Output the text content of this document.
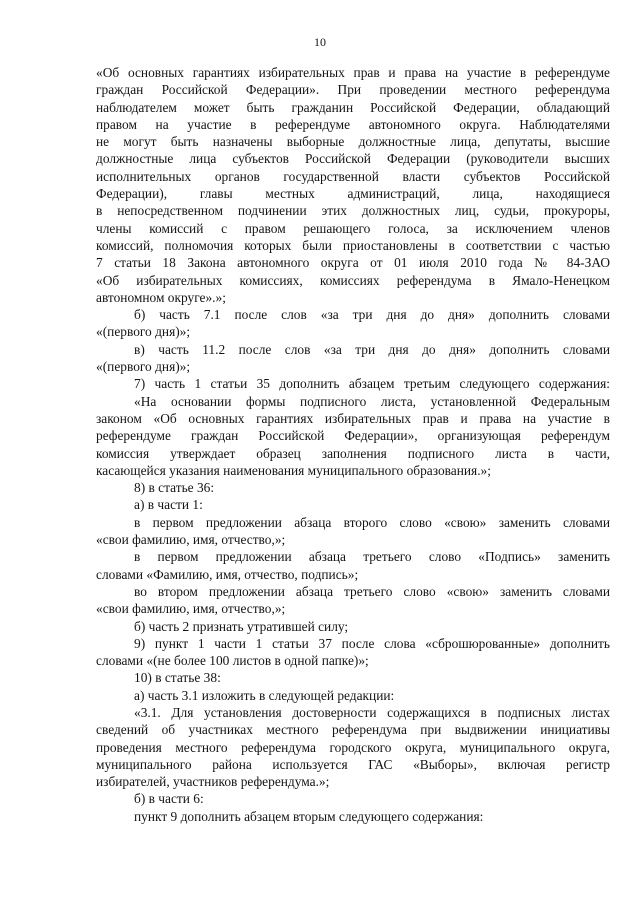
10
«Об основных гарантиях избирательных прав и права на участие в референдуме
граждан Российской Федерации». При проведении местного референдума
наблюдателем может быть гражданин Российской Федерации, обладающий
правом на участие в референдуме автономного округа. Наблюдателями
не могут быть назначены выборные должностные лица, депутаты, высшие
должностные лица субъектов Российской Федерации (руководители высших
исполнительных органов государственной власти субъектов Российской
Федерации), главы местных администраций, лица, находящиеся
в непосредственном подчинении этих должностных лиц, судьи, прокуроры,
члены комиссий с правом решающего голоса, за исключением членов
комиссий, полномочия которых были приостановлены в соответствии с частью
7 статьи 18 Закона автономного округа от 01 июля 2010 года № 84-ЗАО
«Об избирательных комиссиях, комиссиях референдума в Ямало-Ненецком
автономном округе».»;
б) часть 7.1 после слов «за три дня до дня» дополнить словами
«(первого дня)»;
в) часть 11.2 после слов «за три дня до дня» дополнить словами
«(первого дня)»;
7) часть 1 статьи 35 дополнить абзацем третьим следующего содержания:
«На основании формы подписного листа, установленной Федеральным
законом «Об основных гарантиях избирательных прав и права на участие в
референдуме граждан Российской Федерации», организующая референдум
комиссия утверждает образец заполнения подписного листа в части,
касающейся указания наименования муниципального образования.»;
8) в статье 36:
а) в части 1:
в первом предложении абзаца второго слово «свою» заменить словами
«свои фамилию, имя, отчество,»;
в первом предложении абзаца третьего слово «Подпись» заменить
словами «Фамилию, имя, отчество, подпись»;
во втором предложении абзаца третьего слово «свою» заменить словами
«свои фамилию, имя, отчество,»;
б) часть 2 признать утратившей силу;
9) пункт 1 части 1 статьи 37 после слова «сброшюрованные» дополнить
словами «(не более 100 листов в одной папке)»;
10) в статье 38:
а) часть 3.1 изложить в следующей редакции:
«3.1. Для установления достоверности содержащихся в подписных листах
сведений об участниках местного референдума при выдвижении инициативы
проведения местного референдума городского округа, муниципального округа,
муниципального района используется ГАС «Выборы», включая регистр
избирателей, участников референдума.»;
б) в части 6:
пункт 9 дополнить абзацем вторым следующего содержания:
